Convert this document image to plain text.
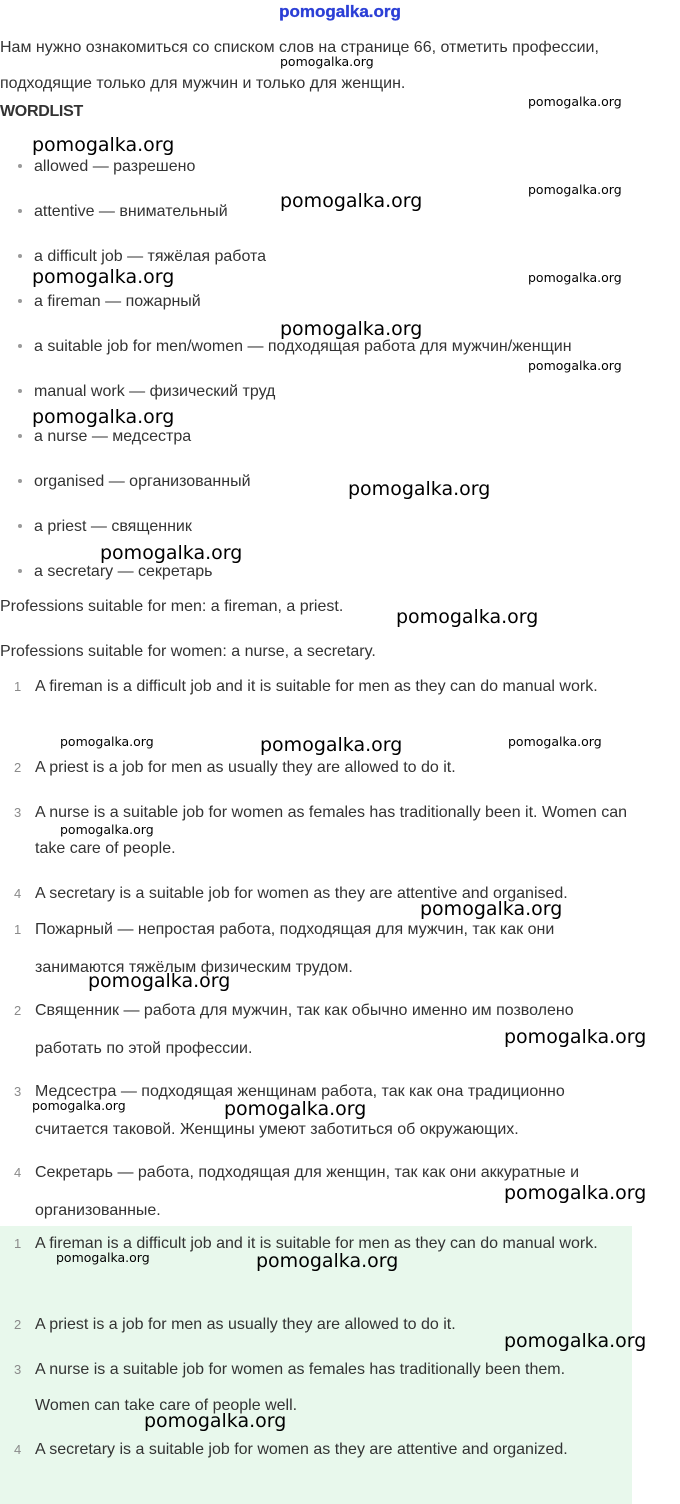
pomogalka.org
Нам нужно ознакомиться со списком слов на странице 66, отметить профессии, подходящие только для мужчин и только для женщин.
WORDLIST
allowed — разрешено
attentive — внимательный
a difficult job — тяжёлая работа
a fireman — пожарный
a suitable job for men/women — подходящая работа для мужчин/женщин
manual work — физический труд
a nurse — медсестра
organised — организованный
a priest — священник
a secretary — секретарь
Professions suitable for men: a fireman, a priest.
Professions suitable for women: a nurse, a secretary.
1 A fireman is a difficult job and it is suitable for men as they can do manual work.
2 A priest is a job for men as usually they are allowed to do it.
3 A nurse is a suitable job for women as females has traditionally been it. Women can take care of people.
4 A secretary is a suitable job for women as they are attentive and organised.
1 Пожарный — непростая работа, подходящая для мужчин, так как они занимаются тяжёлым физическим трудом.
2 Священник — работа для мужчин, так как обычно именно им позволено работать по этой профессии.
3 Медсестра — подходящая женщинам работа, так как она традиционно считается таковой. Женщины умеют заботиться об окружающих.
4 Секретарь — работа, подходящая для женщин, так как они аккуратные и организованные.
1 A fireman is a difficult job and it is suitable for men as they can do manual work.
2 A priest is a job for men as usually they are allowed to do it.
3 A nurse is a suitable job for women as females has traditionally been them. Women can take care of people well.
4 A secretary is a suitable job for women as they are attentive and organized.
pomogalka.org
pomogalka.org
pomogalka.org
pomogalka.org
pomogalka.org
pomogalka.org	pomogalka.org
pomogalka.org
pomogalka.org
pomogalka.org
pomogalka.org
pomogalka.org
pomogalka.org
pomogalka.org	pomogalka.org	pomogalka.org
pomogalka.org
pomogalka.org
pomogalka.org
pomogalka.org
pomogalka.org	pomogalka.org
pomogalka.org
pomogalka.org	pomogalka.org
pomogalka.org
pomogalka.org
